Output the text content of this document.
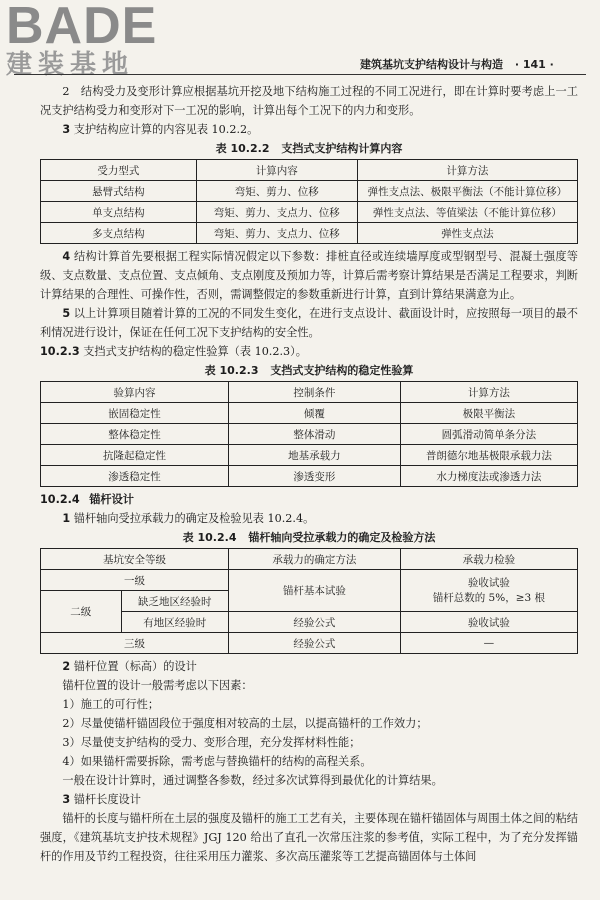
BADE
建装基地	建筑基坑支护结构设计与构造 · 141 ·

2　结构受力及变形计算应根据基坑开挖及地下结构施工过程的不同工况进行，即在计算时要考虑上一工况支护结构受力和变形对下一工况的影响，计算出每个工况下的内力和变形。

3 支护结构应计算的内容见表 10.2.2。

表 10.2.2 支挡式支护结构计算内容
受力型式	计算内容	计算方法
悬臂式结构	弯矩、剪力、位移	弹性支点法、极限平衡法（不能计算位移）
单支点结构	弯矩、剪力、支点力、位移	弹性支点法、等值梁法（不能计算位移）
多支点结构	弯矩、剪力、支点力、位移	弹性支点法

4 结构计算首先要根据工程实际情况假定以下参数：排桩直径或连续墙厚度或型钢型号、混凝土强度等级、支点数量、支点位置、支点倾角、支点刚度及预加力等，计算后需考察计算结果是否满足工程要求，判断计算结果的合理性、可操作性，否则，需调整假定的参数重新进行计算，直到计算结果满意为止。

5 以上计算项目随着计算的工况的不同发生变化，在进行支点设计、截面设计时，应按照每一项目的最不利情况进行设计，保证在任何工况下支护结构的安全性。

10.2.3 支挡式支护结构的稳定性验算（表 10.2.3）。

表 10.2.3 支挡式支护结构的稳定性验算
验算内容	控制条件	计算方法
嵌固稳定性	倾覆	极限平衡法
整体稳定性	整体滑动	圆弧滑动简单条分法
抗隆起稳定性	地基承载力	普朗德尔地基极限承载力法
渗透稳定性	渗透变形	水力梯度法或渗透力法

10.2.4 锚杆设计

1 锚杆轴向受拉承载力的确定及检验见表 10.2.4。

表 10.2.4 锚杆轴向受拉承载力的确定及检验方法
基坑安全等级		承载力的确定方法	承载力检验
一级		锚杆基本试验	验收试验
锚杆总数的 5%，≥3 根

二级	缺乏地区经验时		
	有地区经验时	经验公式	验收试验
三级		经验公式	—

2 锚杆位置（标高）的设计

锚杆位置的设计一般需考虑以下因素：

1）施工的可行性；

2）尽量使锚杆锚固段位于强度相对较高的土层，以提高锚杆的工作效力；

3）尽量使支护结构的受力、变形合理，充分发挥材料性能；

4）如果锚杆需要拆除，需考虑与替换锚杆的结构的高程关系。

一般在设计计算时，通过调整各参数，经过多次试算得到最优化的计算结果。

3 锚杆长度设计

锚杆的长度与锚杆所在土层的强度及锚杆的施工工艺有关，主要体现在锚杆锚固体与周围土体之间的粘结强度，《建筑基坑支护技术规程》JGJ 120 给出了直孔一次常压注浆的参考值，实际工程中，为了充分发挥锚杆的作用及节约工程投资，往往采用压力灌浆、多次高压灌浆等工艺提高锚固体与土体间
